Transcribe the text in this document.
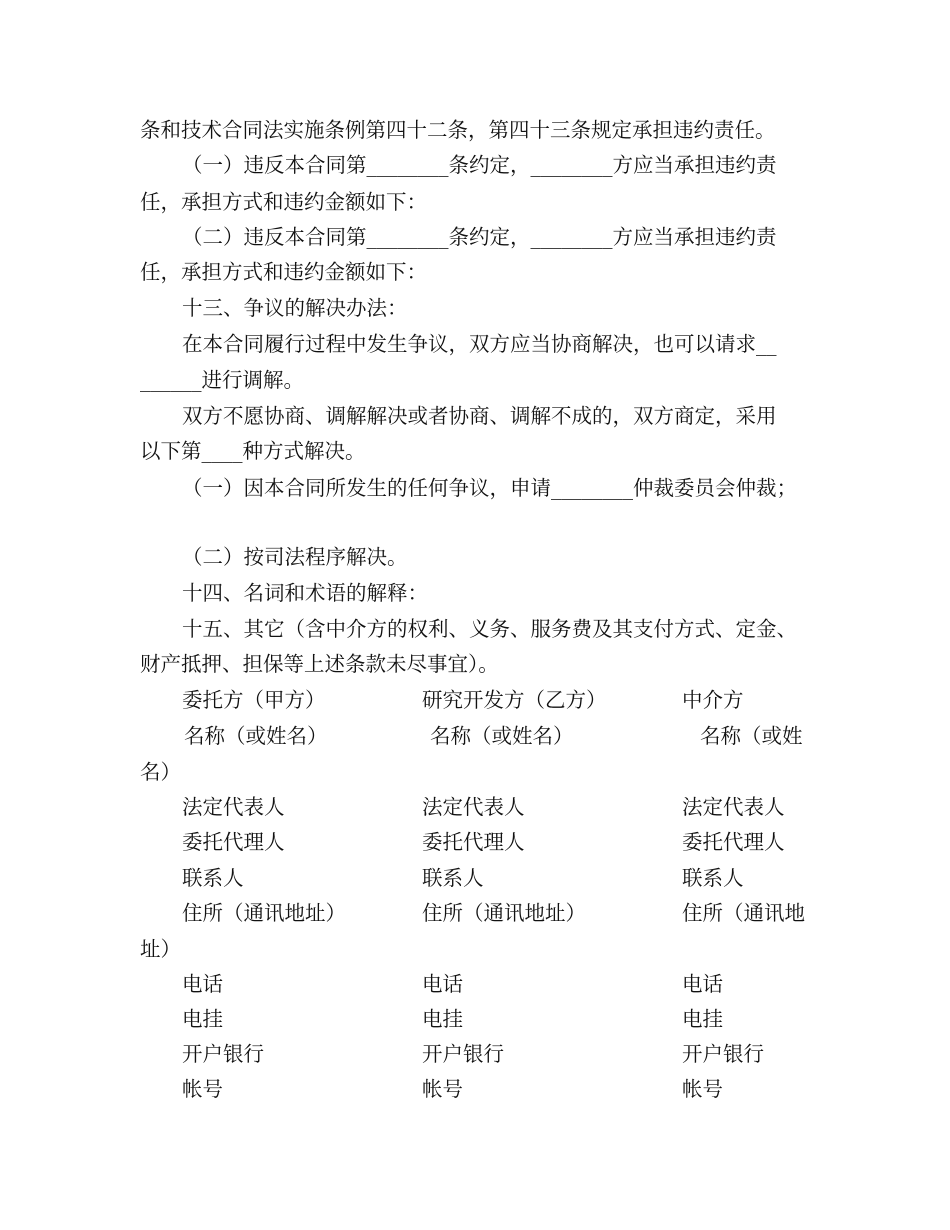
条和技术合同法实施条例第四十二条，第四十三条规定承担违约责任。
（一）违反本合同第________条约定，________方应当承担违约责
任，承担方式和违约金额如下：
（二）违反本合同第________条约定，________方应当承担违约责
任，承担方式和违约金额如下：
十三、争议的解决办法：
在本合同履行过程中发生争议，双方应当协商解决，也可以请求__
______进行调解。
双方不愿协商、调解解决或者协商、调解不成的，双方商定，采用
以下第____种方式解决。
（一）因本合同所发生的任何争议，申请________仲裁委员会仲裁；
（二）按司法程序解决。
十四、名词和术语的解释：
十五、其它（含中介方的权利、义务、服务费及其支付方式、定金、
财产抵押、担保等上述条款未尽事宜）。
委托方（甲方）	研究开发方（乙方）	中介方
名称（或姓名）	名称（或姓名）	名称（或姓
名）
法定代表人	法定代表人	法定代表人
委托代理人	委托代理人	委托代理人
联系人	联系人	联系人
住所（通讯地址）	住所（通讯地址）	住所（通讯地
址）
电话	电话	电话
电挂	电挂	电挂
开户银行	开户银行	开户银行
帐号	帐号	帐号
